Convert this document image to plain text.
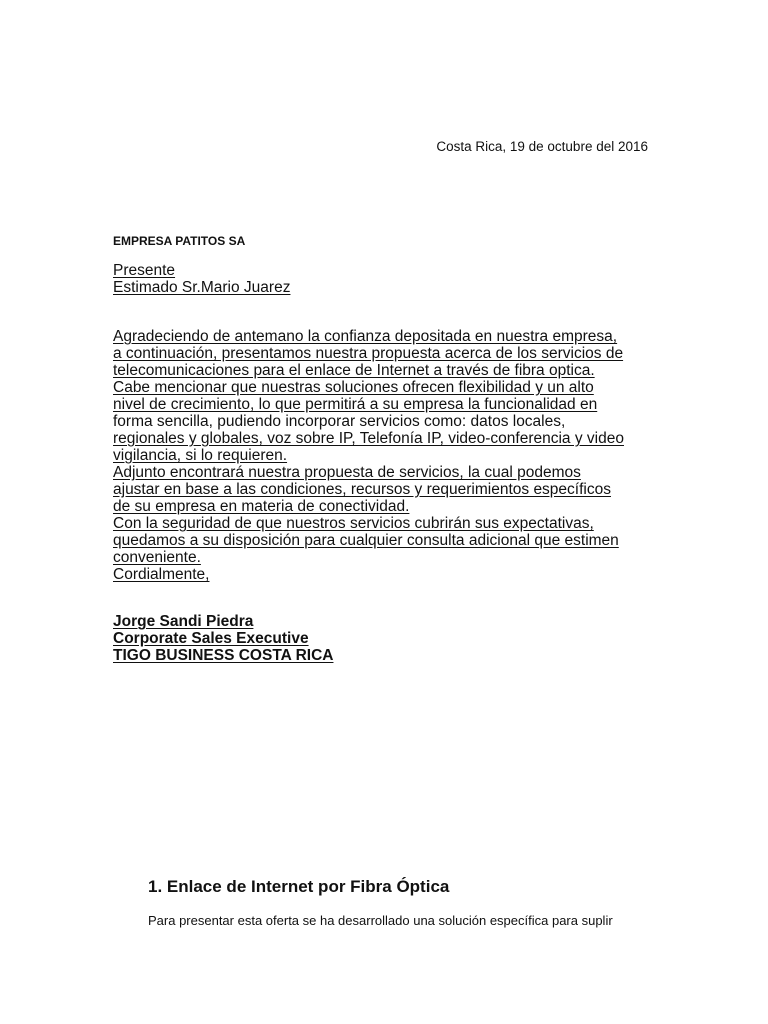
Costa Rica, 19 de octubre del 2016
EMPRESA PATITOS SA
Presente
Estimado Sr.Mario Juarez
Agradeciendo de antemano la confianza depositada en nuestra empresa,
a continuación, presentamos nuestra propuesta acerca de los servicios de
telecomunicaciones para el enlace de Internet a través de fibra optica.
Cabe mencionar que nuestras soluciones ofrecen flexibilidad y un alto
nivel de crecimiento, lo que permitirá a su empresa la funcionalidad en
forma sencilla, pudiendo incorporar servicios como: datos locales,
regionales y globales, voz sobre IP, Telefonía IP, video-conferencia y video
vigilancia, si lo requieren.
Adjunto encontrará nuestra propuesta de servicios, la cual podemos
ajustar en base a las condiciones, recursos y requerimientos específicos
de su empresa en materia de conectividad.
Con la seguridad de que nuestros servicios cubrirán sus expectativas,
quedamos a su disposición para cualquier consulta adicional que estimen
conveniente.
Cordialmente,
Jorge Sandi Piedra
Corporate Sales Executive
TIGO BUSINESS COSTA RICA
1. Enlace de Internet por Fibra Óptica
Para presentar esta oferta se ha desarrollado una solución específica para suplir
